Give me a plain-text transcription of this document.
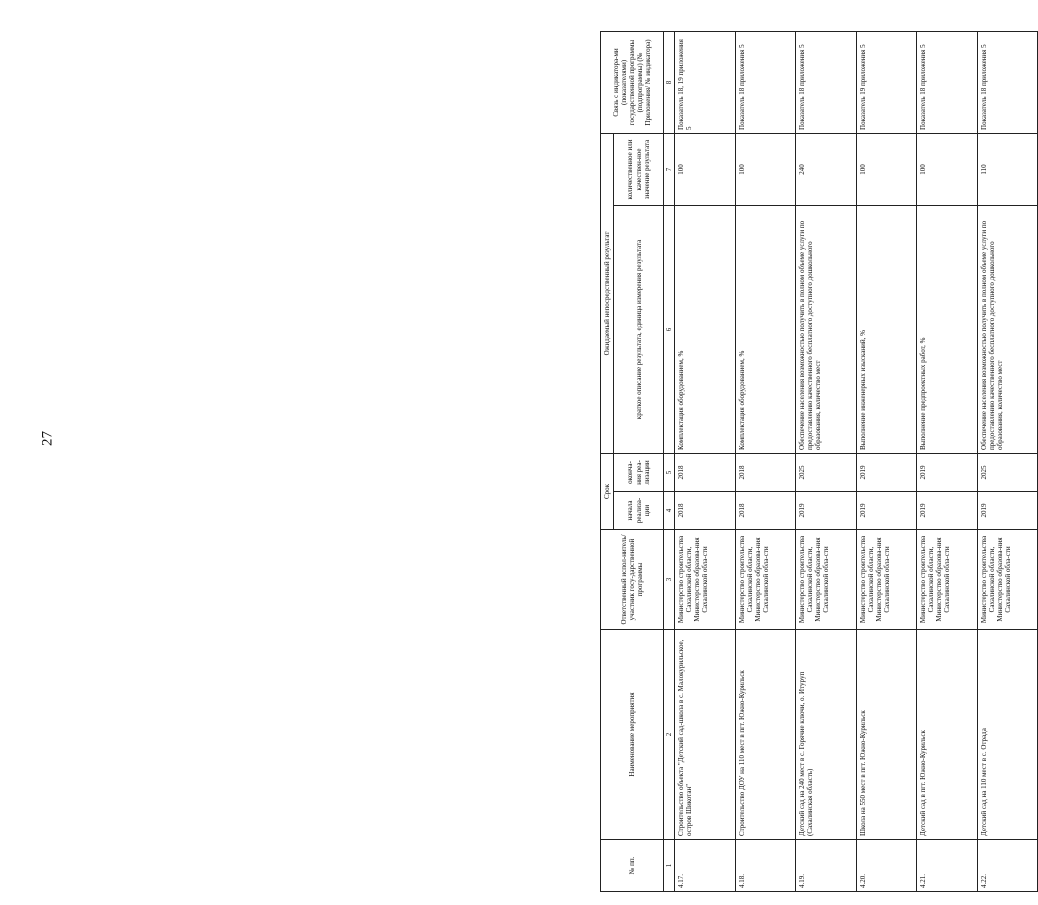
27
№ пп.	Наименование мероприятия	Ответственный испол-нитель/участник госу-дарственной программы	Срок		Ожидаемый непосредственный результат		Связь с индикатора-ми (показателями) государственной программы (подпрограммы) (№ Приложения/ № индикатора)
			начала реализа-ции	оконча-ния реа-лизации	краткое описание результата, единица измерения результата	количественное или качествен-ное значение результата	
1	2	3	4	5	6	7	8
4.17.	Строительство объекта "Детский сад-школа в с. Малокурильское, остров Шикотан"	Министерство строительства Сахалинской области, Министерство образова-ния Сахалинской обла-сти	2018	2018	Комплектация оборудованием, %	100	Показатель 18, 19 приложения 5
4.18.	Строительство ДОУ на 110 мест в пгт. Южно-Курильск	Министерство строительства Сахалинской области, Министерство образова-ния Сахалинской обла-сти	2018	2018	Комплектация оборудованием, %	100	Показатель 18 приложения 5
4.19.	Детский сад на 240 мест в с. Горячие ключи, о. Итуруп (Сахалинская область)	Министерство строительства Сахалинской области, Министерство образова-ния Сахалинской обла-сти	2019	2025	Обеспечение населения возможностью получить в полном объеме услуги по предоставлению качественного бесплатного доступного дошкольного образования, количество мест	240	Показатель 18 приложения 5
4.20.	Школа на 550 мест в пгт. Южно-Курильск	Министерство строительства Сахалинской области, Министерство образова-ния Сахалинской обла-сти	2019	2019	Выполнение инженерных изысканий, %	100	Показатель 19 приложения 5
4.21.	Детский сад в пгт. Южно-Курильск	Министерство строительства Сахалинской области, Министерство образова-ния Сахалинской обла-сти	2019	2019	Выполнение предпроектных работ, %	100	Показатель 18 приложения 5
4.22.	Детский сад на 110 мест в с. Отрада	Министерство строительства Сахалинской области, Министерство образова-ния Сахалинской обла-сти	2019	2025	Обеспечение населения возможностью получить в полном объеме услуги по предоставлению качественного бесплатного доступного дошкольного образования, количество мест	110	Показатель 18 приложения 5
